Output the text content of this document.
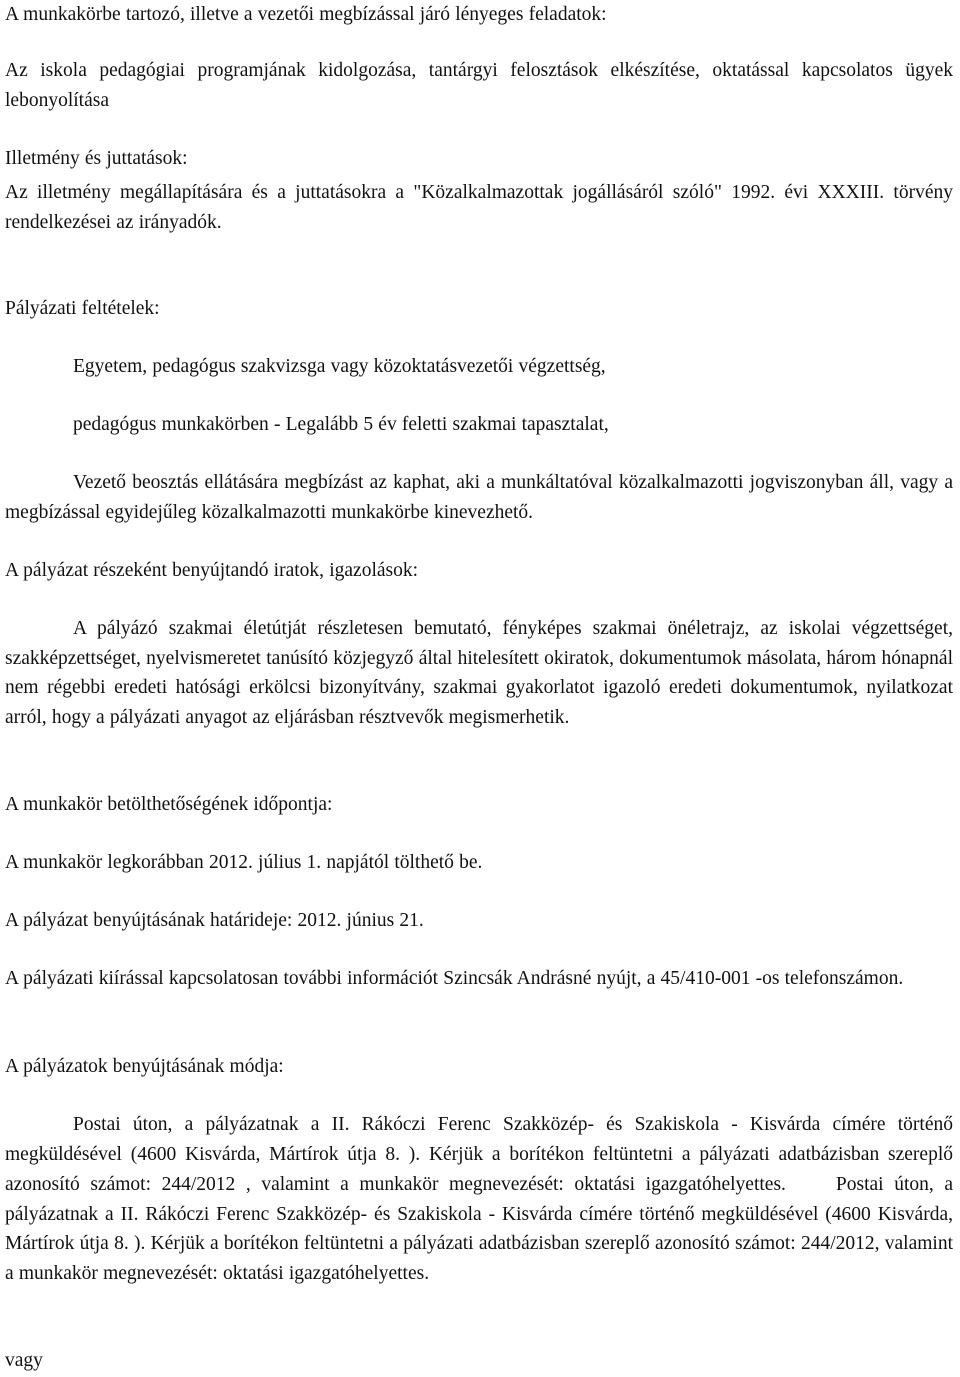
A munkakörbe tartozó, illetve a vezetői megbízással járó lényeges feladatok:

Az iskola pedagógiai programjának kidolgozása, tantárgyi felosztások elkészítése, oktatással kapcsolatos ügyek lebonyolítása

Illetmény és juttatások:

Az illetmény megállapítására és a juttatásokra a "Közalkalmazottak jogállásáról szóló" 1992. évi XXXIII. törvény rendelkezései az irányadók.

Pályázati feltételek:

Egyetem, pedagógus szakvizsga vagy közoktatásvezetői végzettség,

pedagógus munkakörben - Legalább 5 év feletti szakmai tapasztalat,

Vezető beosztás ellátására megbízást az kaphat, aki a munkáltatóval közalkalmazotti jogviszonyban áll, vagy a megbízással egyidejűleg közalkalmazotti munkakörbe kinevezhető.

A pályázat részeként benyújtandó iratok, igazolások:

A pályázó szakmai életútját részletesen bemutató, fényképes szakmai önéletrajz, az iskolai végzettséget, szakképzettséget, nyelvismeretet tanúsító közjegyző által hitelesített okiratok, dokumentumok másolata, három hónapnál nem régebbi eredeti hatósági erkölcsi bizonyítvány, szakmai gyakorlatot igazoló eredeti dokumentumok, nyilatkozat arról, hogy a pályázati anyagot az eljárásban résztvevők megismerhetik.

A munkakör betölthetőségének időpontja:

A munkakör legkorábban 2012. július 1. napjától tölthető be.

A pályázat benyújtásának határideje: 2012. június 21.

A pályázati kiírással kapcsolatosan további információt Szincsák Andrásné nyújt, a 45/410-001 -os telefonszámon.

A pályázatok benyújtásának módja:

Postai úton, a pályázatnak a II. Rákóczi Ferenc Szakközép- és Szakiskola - Kisvárda címére történő megküldésével (4600 Kisvárda, Mártírok útja 8. ). Kérjük a borítékon feltüntetni a pályázati adatbázisban szereplő azonosító számot: 244/2012 , valamint a munkakör megnevezését: oktatási igazgatóhelyettes.	Postai úton, a pályázatnak a II. Rákóczi Ferenc Szakközép- és Szakiskola - Kisvárda címére történő megküldésével (4600 Kisvárda, Mártírok útja 8. ). Kérjük a borítékon feltüntetni a pályázati adatbázisban szereplő azonosító számot: 244/2012, valamint a munkakör megnevezését: oktatási igazgatóhelyettes.

vagy
